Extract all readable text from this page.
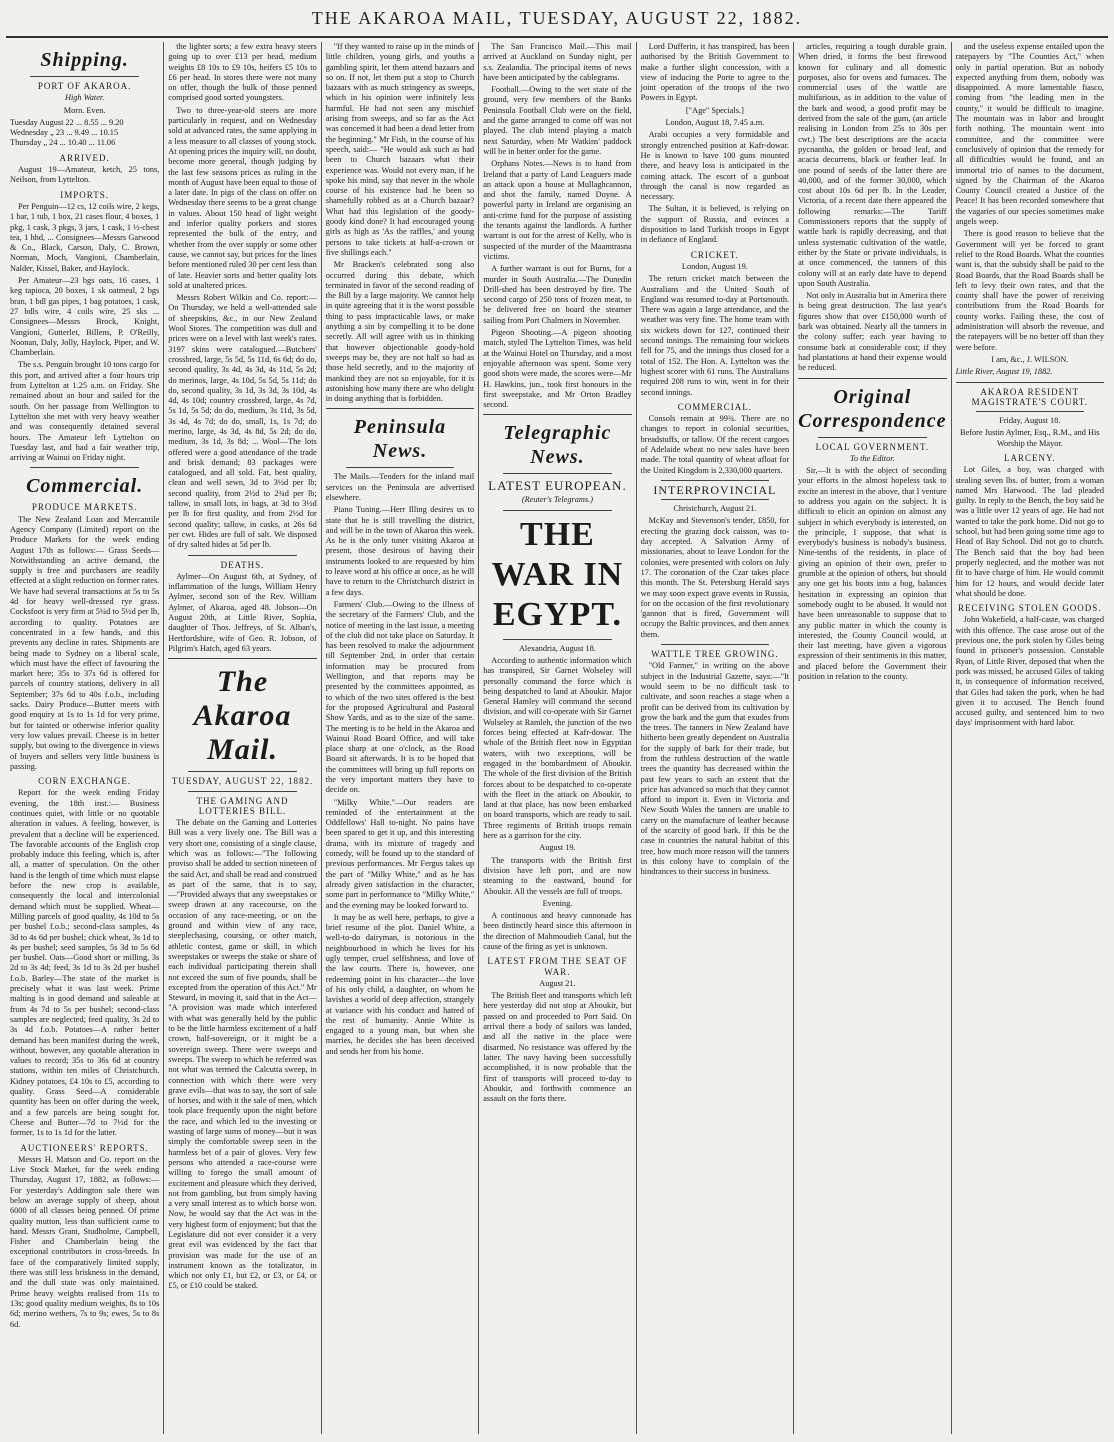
THE AKAROA MAIL, TUESDAY, AUGUST 22, 1882.
Shipping.
PORT OF AKAROA.
High Water.
Morn. Even.
Tuesday August 22 ... 8.55 ... 9.20
Wednesday „ 23 ... 9.49 ... 10.15
Thursday „ 24 ... 10.40 ... 11.06
ARRIVED.

August 19—Amateur, ketch, 25 tons, Neilson, from Lyttelton.

IMPORTS.

Per Penguin—12 cs, 12 coils wire, 2 kegs, 1 bar, 1 tub, 1 box, 21 cases flour, 4 boxes, 1 pkg, 1 cask, 3 pkgs, 3 jars, 1 cask, 1 ½-chest tea, 1 hhd, ... Consignees—Messrs Garwood & Co., Black, Carson, Daly, C. Brown, Norman, Moch, Vangioni, Chamberlain, Nalder, Kissel, Baker, and Haylock.

Per Amateur—23 bgs oats, 16 cases, 1 keg tapioca, 20 boxes, 1 sk oatmeal, 2 bgs bran, 1 bdl gas pipes, 1 bag potatoes, 1 cask, 27 bdls wire, 4 coils wire, 25 sks ... Consignees—Messrs Brock, Knight, Vangioni, Gutterlet, Billens, P. O'Reilly, Noonan, Daly, Jolly, Haylock, Piper, and W. Chamberlain.

The s.s. Penguin brought 10 tons cargo for this port, and arrived after a four hours trip from Lyttelton at 1.25 a.m. on Friday. She remained about an hour and sailed for the south. On her passage from Wellington to Lyttelton she met with very heavy weather and was consequently detained several hours. The Amateur left Lyttelton on Tuesday last, and had a fair weather trip, arriving at Wainui on Friday night.

Commercial.
PRODUCE MARKETS.

The New Zealand Loan and Mercantile Agency Company (Limited) report on the Produce Markets for the week ending August 17th as follows:— Grass Seeds—Notwithstanding an active demand, the supply is free and purchasers are readily effected at a slight reduction on former rates. We have had several transactions at 5s to 5s 4d for heavy well-dressed rye grass. Cocksfoot is very firm at 5¼d to 5½d per lb, according to quality. Potatoes are concentrated in a few hands, and this prevents any decline in rates. Shipments are being made to Sydney on a liberal scale, which must have the effect of favouring the market here; 35s to 37s 6d is offered for parcels of country stations, delivery in all September; 37s 6d to 40s f.o.b., including sacks. Dairy Produce—Butter meets with good enquiry at 1s to 1s 1d for very prime, but for tainted or otherwise inferior quality very low values prevail. Cheese is in better supply, but owing to the divergence in views of buyers and sellers very little business is passing.

CORN EXCHANGE.

Report for the week ending Friday evening, the 18th inst.:— Business continues quiet, with little or no quotable alteration in values. A feeling, however, is prevalent that a decline will be experienced. The favorable accounts of the English crop probably induce this feeling, which is, after all, a matter of speculation. On the other hand is the length of time which must elapse before the new crop is available, consequently the local and intercolonial demand which must be supplied. Wheat—Milling parcels of good quality, 4s 10d to 5s per bushel f.o.b.; second-class samples, 4s 3d to 4s 6d per bushel; chick wheat, 3s 1d to 4s per bushel; seed samples, 5s 3d to 5s 6d per bushel. Oats—Good short or milling, 3s 2d to 3s 4d; feed, 3s 1d to 3s 2d per bushel f.o.b. Barley—The state of the market is precisely what it was last week. Prime malting is in good demand and saleable at from 4s 7d to 5s per bushel; second-class samples are neglected; feed quality, 3s 2d to 3s 4d f.o.b. Potatoes—A rather better demand has been manifest during the week, without, however, any quotable alteration in values to record; 35s to 36s 6d at country stations, within ten miles of Christchurch. Kidney potatoes, £4 10s to £5, according to quality. Grass Seed—A considerable quantity has been on offer during the week, and a few parcels are being sought for. Cheese and Butter—7d to 7½d for the former, 1s to 1s 1d for the latter.

AUCTIONEERS' REPORTS.

Messrs H. Matson and Co. report on the Live Stock Market, for the week ending Thursday, August 17, 1882, as follows:—For yesterday's Addington sale there was below an average supply of sheep, about 6000 of all classes being penned. Of prime quality mutton, less than sufficient came to hand. Messrs Grant, Studholme, Campbell, Fisher and Chamberlain being the exceptional contributors in cross-breeds. In face of the comparatively limited supply, there was still less briskness in the demand, and the dull state was only maintained. Prime heavy weights realised from 11s to 13s; good quality medium weights, 8s to 10s 6d; merino wethers, 7s to 9s; ewes, 5s to 8s 6d.

the lighter sorts; a few extra heavy steers going up to over £13 per head, medium weights £8 10s to £9 10s, heifers £5 10s to £6 per head. In stores there were not many on offer, though the bulk of those penned comprised good sorted youngsters.

Two to three-year-old steers are more particularly in request, and on Wednesday sold at advanced rates, the same applying in a less measure to all classes of young stock. At opening prices the inquiry will, no doubt, become more general, though judging by the last few seasons prices as ruling in the month of August have been equal to those of a later date. In pigs of the class on offer on Wednesday there seems to be a great change in values. About 150 head of light weight and inferior quality porkers and stores represented the bulk of the entry, and whether from the over supply or some other cause, we cannot say, but prices for the lines before mentioned ruled 30 per cent less than of late. Heavier sorts and better quality lots sold at unaltered prices.

Messrs Robert Wilkin and Co. report:—On Thursday, we held a well-attended sale of sheepskins, &c., in our New Zealand Wool Stores. The competition was dull and prices were on a level with last week's rates. 3197 skins were catalogued.—Butchers' crossbred, large, 5s 5d, 5s 11d, 6s 6d; do do, second quality, 3s 4d, 4s 3d, 4s 11d, 5s 2d; do merinos, large, 4s 10d, 5s 5d, 5s 11d; do do, second quality, 3s 1d, 3s 3d, 3s 10d, 4s 4d, 4s 10d; country crossbred, large, 4s 7d, 5s 1d, 5s 5d; do do, medium, 3s 11d, 3s 5d, 3s 4d, 4s 7d; do do, small, 1s, 1s 7d; do merino, large, 4s 3d, 4s 8d, 5s 2d; do do, medium, 3s 1d, 3s 8d; ... Wool—The lots offered were a good attendance of the trade and brisk demand; 83 packages were catalogued, and all sold. Fat, best quality, clean and well sewn, 3d to 3½d per lb; second quality, from 2½d to 2¾d per lb; tallow, in small lots, in bags, at 3d to 3½d per lb for first quality, and from 2½d for second quality; tallow, in casks, at 26s 6d per cwt. Hides are full of salt. We disposed of dry salted hides at 5d per lb.

DEATHS.

Aylmer—On August 6th, at Sydney, of inflammation of the lungs, William Henry Aylmer, second son of the Rev. William Aylmer, of Akaroa, aged 48. Jobson—On August 20th, at Little River, Sophia, daughter of Thos. Jeffreys, of St. Alban's, Hertfordshire, wife of Geo. R. Jobson, of Pilgrim's Hatch, aged 63 years.

The Akaroa Mail.
TUESDAY, AUGUST 22, 1882.
THE GAMING AND LOTTERIES BILL.

The debate on the Gaming and Lotteries Bill was a very lively one. The Bill was a very short one, consisting of a single clause, which was as follows:—"The following proviso shall be added to section nineteen of the said Act, and shall be read and construed as part of the same, that is to say,—"Provided always that any sweepstakes or sweep drawn at any racecourse, on the occasion of any race-meeting, or on the ground and within view of any race, steeplechasing, coursing, or other match, athletic contest, game or skill, in which sweepstakes or sweeps the stake or share of each individual participating therein shall not exceed the sum of five pounds, shall be excepted from the operation of this Act." Mr Steward, in moving it, said that in the Act— "A provision was made which interfered with what was generally held by the public to be the little harmless excitement of a half crown, half-sovereign, or it might be a sovereign sweep. There were sweeps and sweeps. The sweep to which he referred was not what was termed the Calcutta sweep, in connection with which there were very grave evils—that was to say, the sort of sale of horses, and with it the sale of men, which took place frequently upon the night before the race, and which led to the investing or wasting of large sums of money—but it was simply the comfortable sweep seen in the harmless bet of a pair of gloves. Very few persons who attended a race-course were willing to forego the small amount of excitement and pleasure which they derived, not from gambling, but from simply having a very small interest as to which horse won. Now, he would say that the Act was in the very highest form of enjoyment; but that the Legislature did not ever consider it a very great evil was evidenced by the fact that provision was made for the use of an instrument known as the totalizator, in which not only £1, but £2, or £3, or £4, or £5, or £10 could be staked.

"If they wanted to raise up in the minds of little children, young girls, and youths a gambling spirit, let them attend bazaars and so on. If not, let them put a stop to Church bazaars with as much stringency as sweeps, which in his opinion were infinitely less harmful. He had not seen any mischief arising from sweeps, and so far as the Act was concerned it had been a dead letter from the beginning." Mr Fish, in the course of his speech, said:— "He would ask such as had been to Church bazaars what their experience was. Would not every man, if he spoke his mind, say that never in the whole course of his existence had he been so shamefully robbed as at a Church bazaar? What had this legislation of the goody-goody kind done? It had encouraged young girls as high as 'As the raffles,' and young persons to take tickets at half-a-crown or five shillings each."

Mr Bracken's celebrated song also occurred during this debate, which terminated in favor of the second reading of the Bill by a large majority. We cannot help in quite agreeing that it is the worst possible thing to pass impracticable laws, or make anything a sin by compelling it to be done secretly. All will agree with us in thinking that however objectionable goody-hold sweeps may be, they are not half so bad as those held secretly, and to the majority of mankind they are not so enjoyable, for it is astonishing how many there are who delight in doing anything that is forbidden.

Peninsula News.

The Mails.—Tenders for the inland mail services on the Peninsula are advertised elsewhere.

Piano Tuning.—Herr Illing desires us to state that he is still travelling the district, and will be in the town of Akaroa this week. As he is the only tuner visiting Akaroa at present, those desirous of having their instruments looked to are requested by him to leave word at his office at once, as he will have to return to the Christchurch district in a few days.

Farmers' Club.—Owing to the illness of the secretary of the Farmers' Club, and the notice of meeting in the last issue, a meeting of the club did not take place on Saturday. It has been resolved to make the adjournment till September 2nd, in order that certain information may be procured from Wellington, and that reports may be presented by the committees appointed, as to which of the two sites offered is the best for the proposed Agricultural and Pastoral Show Yards, and as to the size of the same. The meeting is to be held in the Akaroa and Wainui Road Board Office, and will take place sharp at one o'clock, as the Road Board sit afterwards. It is to be hoped that the committees will bring up full reports on the very important matters they have to decide on.

"Milky White."—Our readers are reminded of the entertainment at the Oddfellows' Hall to-night. No pains have been spared to get it up, and this interesting drama, with its mixture of tragedy and comedy, will be found up to the standard of previous performances. Mr Fergus takes up the part of "Milky White," and as he has already given satisfaction in the character, some part in performance to "Milky White," and the evening may be looked forward to.

It may be as well here, perhaps, to give a brief resume of the plot. Daniel White, a well-to-do dairyman, is notorious in the neighbourhood in which he lives for his ugly temper, cruel selfishness, and love of the law courts. There is, however, one redeeming point in his character—the love of his only child, a daughter, on whom he lavishes a world of deep affection, strangely at variance with his conduct and hatred of the rest of humanity. Annie White is engaged to a young man, but when she marries, he decides she has been deceived and sends her from his home.

The San Francisco Mail.—This mail arrived at Auckland on Sunday night, per s.s. Zealandia. The principal items of news have been anticipated by the cablegrams.

Football.—Owing to the wet state of the ground, very few members of the Banks Peninsula Football Club were on the field, and the game arranged to come off was not played. The club intend playing a match next Saturday, when Mr Watkins' paddock will be in better order for the game.

Orphans Notes.—News is to hand from Ireland that a party of Land Leaguers made an attack upon a house at Mullaghcannon, and shot the family, named Doyne. A powerful party in Ireland are organising an anti-crime fund for the purpose of assisting the tenants against the landlords. A further warrant is out for the arrest of Kelly, who is suspected of the murder of the Maamtrasna victims.

A further warrant is out for Burns, for a murder in South Australia.—The Dunedin Drill-shed has been destroyed by fire. The second cargo of 250 tons of frozen meat, to be delivered free on board the steamer sailing from Port Chalmers in November.

Pigeon Shooting.—A pigeon shooting match, styled The Lyttelton Times, was held at the Wainui Hotel on Thursday, and a most enjoyable afternoon was spent. Some very good shots were made, the scores were—Mr H. Hawkins, jun., took first honours in the first sweepstake, and Mr Orton Bradley second.

Telegraphic News.
LATEST EUROPEAN.
(Reuter's Telegrams.)
THE WAR IN EGYPT.
Alexandria, August 18.

According to authentic information which has transpired, Sir Garnet Wolseley will personally command the force which is being despatched to land at Aboukir. Major General Hamley will command the second division, and will co-operate with Sir Garnet Wolseley at Ramleh, the junction of the two forces being effected at Kafr-dowar. The whole of the British fleet now in Egyptian waters, with two exceptions, will be engaged in the bombardment of Aboukir. The whole of the first division of the British forces about to be despatched to co-operate with the fleet in the attack on Aboukir, to land at that place, has now been embarked on board transports, which are ready to sail. Three regiments of British troops remain here as a garrison for the city.

August 19.

The transports with the British first division have left port, and are now steaming to the eastward, bound for Aboukir. All the vessels are full of troops.

Evening.

A continuous and heavy cannonade has been distinctly heard since this afternoon in the direction of Mahmoudieh Canal, but the cause of the firing as yet is unknown.

LATEST FROM THE SEAT OF WAR.
August 21.

The British fleet and transports which left here yesterday did not stop at Aboukir, but passed on and proceeded to Port Said. On arrival there a body of sailors was landed, and all the native in the place were disarmed. No resistance was offered by the latter. The navy having been successfully accomplished, it is now probable that the first of transports will proceed to-day to Aboukir, and forthwith commence an assault on the forts there.

Lord Dufferin, it has transpired, has been authorised by the British Government to make a further slight concession, with a view of inducing the Porte to agree to the joint operation of the troops of the two Powers in Egypt.

["Age" Specials.]
London, August 18, 7.45 a.m.

Arabi occupies a very formidable and strongly entrenched position at Kafr-dowar. He is known to have 100 guns mounted there, and heavy loss is anticipated in the coming attack. The escort of a gunboat through the canal is now regarded as necessary.

The Sultan, it is believed, is relying on the support of Russia, and evinces a disposition to land Turkish troops in Egypt in defiance of England.

CRICKET.
London, August 19.

The return cricket match between the Australians and the United South of England was resumed to-day at Portsmouth. There was again a large attendance, and the weather was very fine. The home team with six wickets down for 127, continued their second innings. The remaining four wickets fell for 75, and the innings thus closed for a total of 152. The Hon. A. Lyttelton was the highest scorer with 61 runs. The Australians required 208 runs to win, went in for their second innings.

COMMERCIAL.

Consols remain at 99¾. There are no changes to report in colonial securities, breadstuffs, or tallow. Of the recent cargoes of Adelaide wheat no new sales have been made. The total quantity of wheat afloat for the United Kingdom is 2,330,000 quarters.

INTERPROVINCIAL
Christchurch, August 21.

McKay and Stevenson's tender, £850, for erecting the grazing dock caisson, was to-day accepted. A Salvation Army of missionaries, about to leave London for the colonies, were presented with colors on July 17. The coronation of the Czar takes place this month. The St. Petersburg Herald says we may soon expect grave events in Russia, for on the occasion of the first revolutionary 'gannon that is fired, Government will occupy the Baltic provinces, and then annex them.

WATTLE TREE GROWING.

"Old Farmer," in writing on the above subject in the Industrial Gazette, says:—"It would seem to be no difficult task to cultivate, and soon reaches a stage when a profit can be derived from its cultivation by grow the bark and the gum that exudes from the trees. The tanners in New Zealand have hitherto been greatly dependent on Australia for the supply of bark for their trade, but from the ruthless destruction of the wattle trees the quantity has decreased within the past few years to such an extent that the price has advanced so much that they cannot afford to import it. Even in Victoria and New South Wales the tanners are unable to carry on the manufacture of leather because of the scarcity of good bark. If this be the case in countries the natural habitat of this tree, how much more reason will the tanners in this colony have to complain of the hindrances to their success in business.

articles, requiring a tough durable grain. When dried, it forms the best firewood known for culinary and all domestic purposes, also for ovens and furnaces. The commercial uses of the wattle are multifarious, as in addition to the value of the bark and wood, a good profit may be derived from the sale of the gum, (an article realising in London from 25s to 30s per cwt.) The best descriptions are the acacia pycnantha, the golden or broad leaf, and acacia decurrens, black or feather leaf. In one pound of seeds of the latter there are 40,000, and of the former 30,000, which cost about 10s 6d per lb. In the Leader, Victoria, of a recent date there appeared the following remarks:—The Tariff Commissioners reports that the supply of wattle bark is rapidly decreasing, and that unless systematic cultivation of the wattle, either by the State or private individuals, is at once commenced, the tanners of this colony will at an early date have to depend upon South Australia.

Not only in Australia but in America there is being great destruction. The last year's figures show that over £150,000 worth of bark was obtained. Nearly all the tanners in the colony suffer; each year having to consume bark at considerable cost; if they had plantations at hand their expense would be reduced.

Original Correspondence
LOCAL GOVERNMENT.
To the Editor.

Sir,—It is with the object of seconding your efforts in the almost hopeless task to excite an interest in the above, that I venture to address you again on the subject. It is difficult to elicit an opinion on almost any subject in which everybody is interested, on the principle, I suppose, that what is everybody's business is nobody's business. Nine-tenths of the residents, in place of giving an opinion of their own, prefer to grumble at the opinion of others, but should any one get his boots into a bog, balances hesitation in expressing an opinion that somebody ought to be abused. It would not have been unreasonable to suppose that to any public matter in which the county is interested, the County Council would, at their last meeting, have given a vigorous expression of their sentiments in this matter, and placed before the Government their position in relation to the county.

and the useless expense entailed upon the ratepayers by "The Counties Act," when only in partial operation. But as nobody expected anything from them, nobody was disappointed. A more lamentable fiasco, coming from "the leading men in the county," it would be difficult to imagine. The mountain was in labor and brought forth nothing. The mountain went into committee, and the committee were conclusively of opinion that the remedy for all difficulties would be found, and an immortal trio of names to the document, signed by the Chairman of the Akaroa County Council created a Justice of the Peace! It has been recorded somewhere that the vagaries of our species sometimes make angels weep.

There is good reason to believe that the Government will yet be forced to grant relief to the Road Boards. What the counties want is, that the subsidy shall be paid to the Road Boards, that the Road Boards shall be left to levy their own rates, and that the county shall have the power of receiving contributions from the Road Boards for county works. Failing these, the cost of administration will absorb the revenue, and the ratepayers will be no better off than they were before.

I am, &c., J. WILSON.
Little River, August 19, 1882.
AKAROA RESIDENT MAGISTRATE'S COURT.
Friday, August 18.
Before Justin Aylmer, Esq., R.M., and His Worship the Mayor.
LARCENY.

Lot Giles, a boy, was charged with stealing seven lbs. of butter, from a woman named Mrs Harwood. The lad pleaded guilty. In reply to the Bench, the boy said he was a little over 12 years of age. He had not wanted to take the pork home. Did not go to school, but had been going some time ago to Head of Bay School. Did not go to church. The Bench said that the boy had been properly neglected, and the mother was not fit to have charge of him. He would commit him for 12 hours, and would decide later what should be done.

RECEIVING STOLEN GOODS.

John Wakefield, a half-caste, was charged with this offence. The case arose out of the previous one, the pork stolen by Giles being found in prisoner's possession. Constable Ryan, of Little River, deposed that when the pork was missed, he accused Giles of taking it, in consequence of information received, that Giles had taken the pork, when he had given it to accused. The Bench found accused guilty, and sentenced him to two days' imprisonment with hard labor.
